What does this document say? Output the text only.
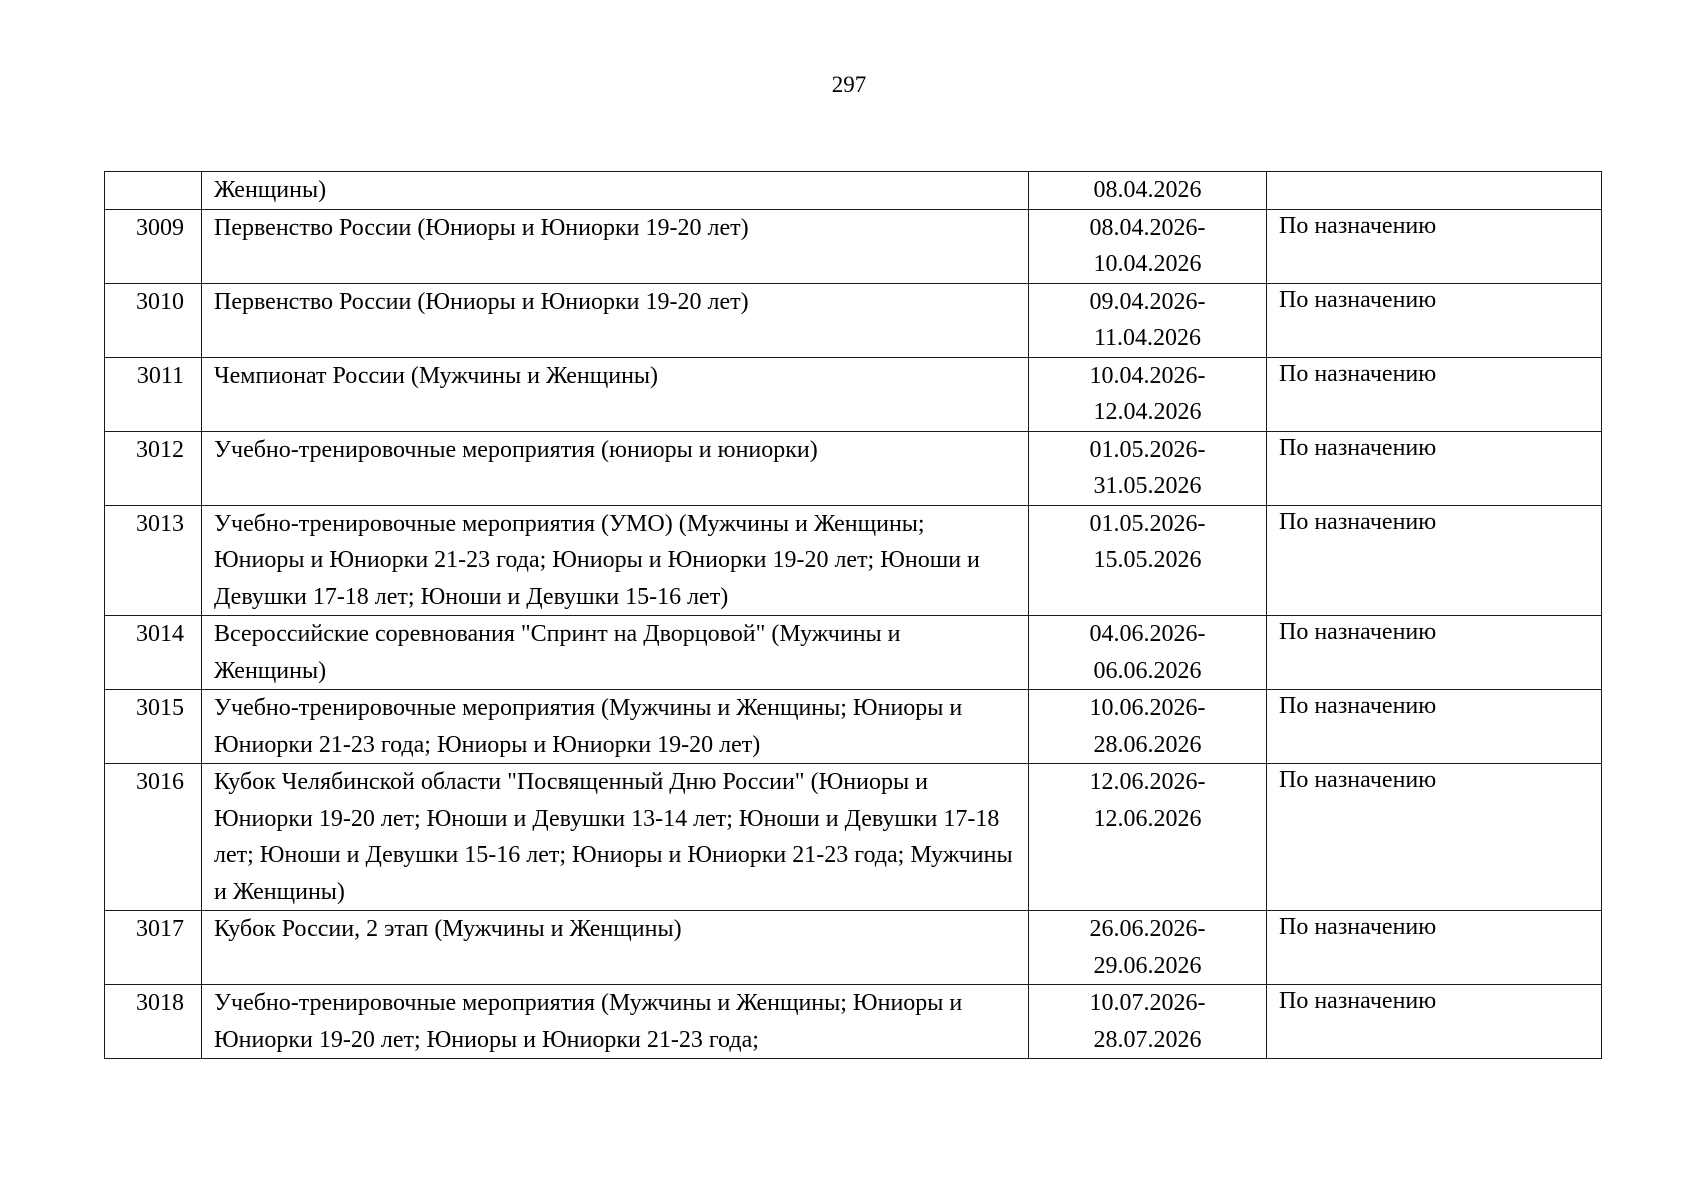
297
	Женщины)	08.04.2026	
3009	Первенство России (Юниоры и Юниорки 19-20 лет)	08.04.2026-
10.04.2026	По назначению

3010	Первенство России (Юниоры и Юниорки 19-20 лет)	09.04.2026-
11.04.2026	По назначению

3011	Чемпионат России (Мужчины и Женщины)	10.04.2026-
12.04.2026	По назначению

3012	Учебно-тренировочные мероприятия (юниоры и юниорки)	01.05.2026-
31.05.2026	По назначению

3013	Учебно-тренировочные мероприятия (УМО) (Мужчины и Женщины; Юниоры и Юниорки 21-23 года; Юниоры и Юниорки 19-20 лет; Юноши и Девушки 17-18 лет; Юноши и Девушки 15-16 лет)	01.05.2026-
15.05.2026	По назначению

3014	Всероссийские соревнования "Спринт на Дворцовой" (Мужчины и Женщины)	04.06.2026-
06.06.2026	По назначению

3015	Учебно-тренировочные мероприятия (Мужчины и Женщины; Юниоры и Юниорки 21-23 года; Юниоры и Юниорки 19-20 лет)	10.06.2026-
28.06.2026	По назначению

3016	Кубок Челябинской области "Посвященный Дню России" (Юниоры и Юниорки 19-20 лет; Юноши и Девушки 13-14 лет; Юноши и Девушки 17-18 лет; Юноши и Девушки 15-16 лет; Юниоры и Юниорки 21-23 года; Мужчины и Женщины)	12.06.2026-
12.06.2026	По назначению

3017	Кубок России, 2 этап (Мужчины и Женщины)	26.06.2026-
29.06.2026	По назначению

3018	Учебно-тренировочные мероприятия (Мужчины и Женщины; Юниоры и Юниорки 19-20 лет; Юниоры и Юниорки 21-23 года;	10.07.2026-
28.07.2026	По назначению
